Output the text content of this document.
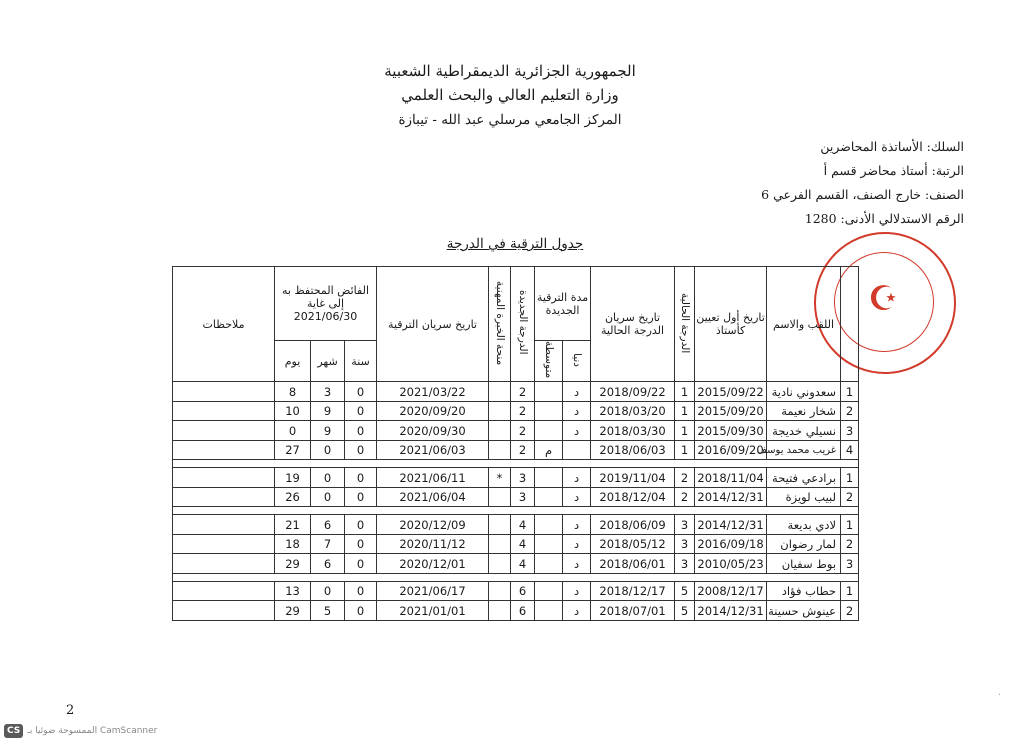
الجمهورية الجزائرية الديمقراطية الشعبية
وزارة التعليم العالي والبحث العلمي
المركز الجامعي مرسلي عبد الله - تيبازة
السلك: الأساتذة المحاضرين
الرتبة: أستاذ محاضر قسم أ
الصنف: خارج الصنف، القسم الفرعي 6
الرقم الاستدلالي الأدنى: 1280
☪
جدول الترقية في الدرجة
	اللقب والاسم	تاريخ أول تعيين كأستاذ	الدرجة الحالية	تاريخ سريان الدرجة الحالية	مدة الترقية الجديدة		الدرجة الجديدة	منحة الخبرة المهنية	تاريخ سريان الترقية	الفائض المحتفظ به إلى غاية 2021/06/30			ملاحظات
					دنيا	متوسطة				سنة	شهر	يوم	
1	سعدوني نادية	2015/09/22	1	2018/09/22	د		2		2021/03/22	0	3	8	
2	شخار نعيمة	2015/09/20	1	2018/03/20	د		2		2020/09/20	0	9	10	
3	نسيلي خديجة	2015/09/30	1	2018/03/30	د		2		2020/09/30	0	9	0	
4	غريب محمد يوسف	2016/09/20	1	2018/06/03		م	2		2021/06/03	0	0	27	

1	برادعي فتيحة	2018/11/04	2	2019/11/04	د		3	*	2021/06/11	0	0	19	
2	لبيب لويزة	2014/12/31	2	2018/12/04	د		3		2021/06/04	0	0	26	

1	لادي بديعة	2014/12/31	3	2018/06/09	د		4		2020/12/09	0	6	21	
2	لمار رضوان	2016/09/18	3	2018/05/12	د		4		2020/11/12	0	7	18	
3	بوط سفيان	2010/05/23	3	2018/06/01	د		4		2020/12/01	0	6	29	

1	حطاب فؤاد	2008/12/17	5	2018/12/17	د		6		2021/06/17	0	0	13	
2	عينوش حسينة	2014/12/31	5	2018/07/01	د		6		2021/01/01	0	5	29	
2
CS CamScanner الممسوحة ضوئيا بـ
·
